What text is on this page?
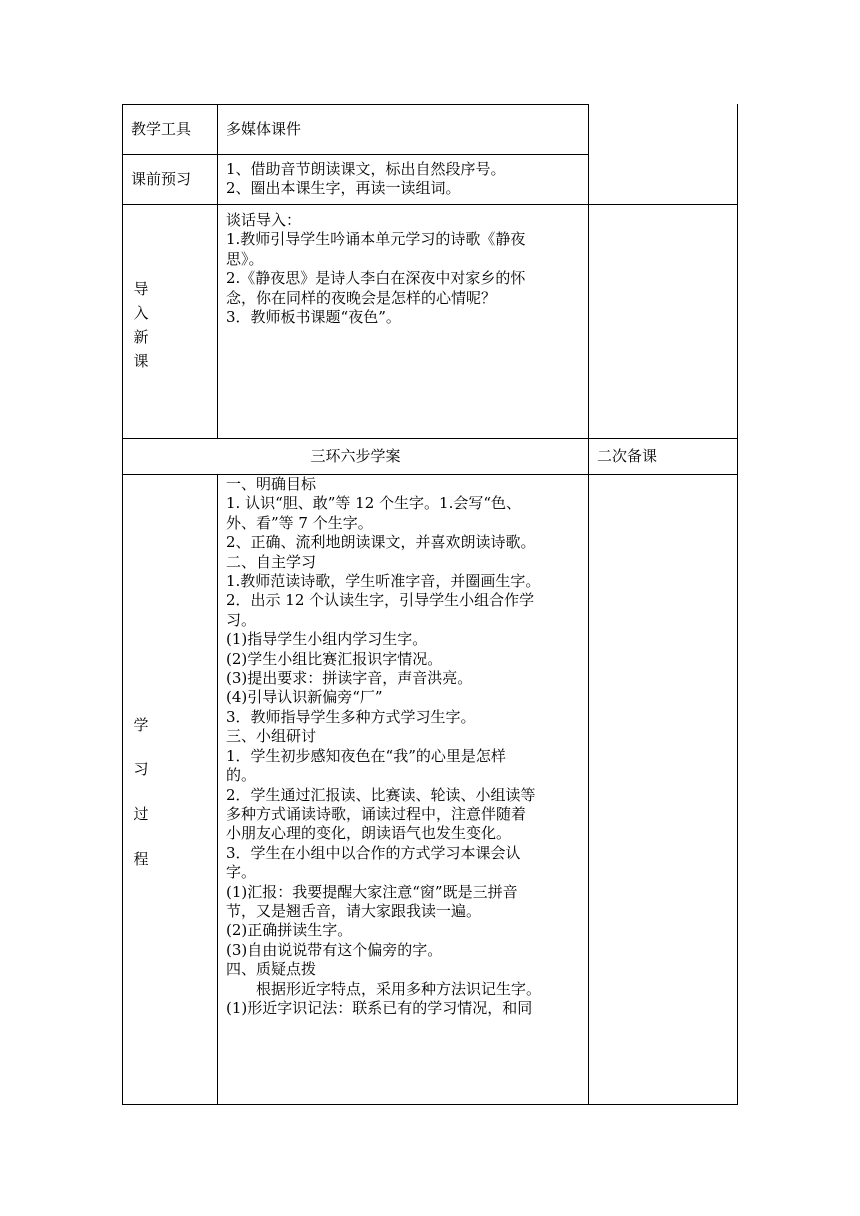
教学工具 多媒体课件
课前预习
1、借助音节朗读课文，标出自然段序号。
2、圈出本课生字，再读一读组词。
导
入
新
课
谈话导入：
1.教师引导学生吟诵本单元学习的诗歌《静夜
思》。
2.《静夜思》是诗人李白在深夜中对家乡的怀
念，你在同样的夜晚会是怎样的心情呢？
3．教师板书课题“夜色”。
三环六步学案	二次备课
学
习
过
程
一、明确目标
1. 认识“胆、敢”等 12 个生字。1.会写“色、
外、看”等 7 个生字。
2、正确、流利地朗读课文，并喜欢朗读诗歌。
二、自主学习
1.教师范读诗歌，学生听准字音，并圈画生字。
2．出示 12 个认读生字，引导学生小组合作学
习。
(1)指导学生小组内学习生字。
(2)学生小组比赛汇报识字情况。
(3)提出要求：拼读字音，声音洪亮。
(4)引导认识新偏旁“厂”
3．教师指导学生多种方式学习生字。
三、小组研讨
1．学生初步感知夜色在“我”的心里是怎样
的。
2．学生通过汇报读、比赛读、轮读、小组读等
多种方式诵读诗歌，诵读过程中，注意伴随着
小朋友心理的变化，朗读语气也发生变化。
3．学生在小组中以合作的方式学习本课会认
字。
(1)汇报：我要提醒大家注意“窗”既是三拼音
节，又是翘舌音，请大家跟我读一遍。
(2)正确拼读生字。
(3)自由说说带有这个偏旁的字。
四、质疑点拨
　　根据形近字特点，采用多种方法识记生字。
(1)形近字识记法：联系已有的学习情况，和同
